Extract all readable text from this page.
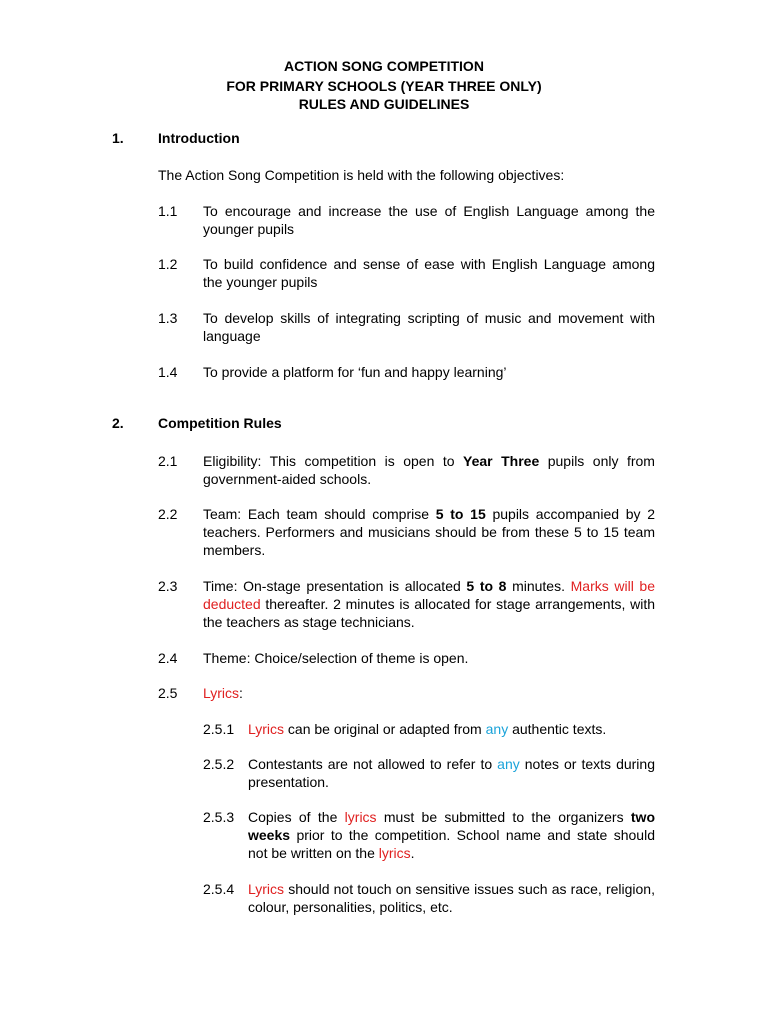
ACTION SONG COMPETITION
FOR PRIMARY SCHOOLS (YEAR THREE ONLY)
RULES AND GUIDELINES
1. Introduction
The Action Song Competition is held with the following objectives:
1.1 To encourage and increase the use of English Language among the younger pupils
1.2 To build confidence and sense of ease with English Language among the younger pupils
1.3 To develop skills of integrating scripting of music and movement with language
1.4 To provide a platform for ‘fun and happy learning’
2. Competition Rules
2.1 Eligibility: This competition is open to Year Three pupils only from government-aided schools.
2.2 Team: Each team should comprise 5 to 15 pupils accompanied by 2 teachers. Performers and musicians should be from these 5 to 15 team members.
2.3 Time: On-stage presentation is allocated 5 to 8 minutes. Marks will be deducted thereafter. 2 minutes is allocated for stage arrangements, with the teachers as stage technicians.
2.4 Theme: Choice/selection of theme is open.
2.5 Lyrics:
2.5.1 Lyrics can be original or adapted from any authentic texts.
2.5.2 Contestants are not allowed to refer to any notes or texts during presentation.
2.5.3 Copies of the lyrics must be submitted to the organizers two weeks prior to the competition. School name and state should not be written on the lyrics.
2.5.4 Lyrics should not touch on sensitive issues such as race, religion, colour, personalities, politics, etc.
